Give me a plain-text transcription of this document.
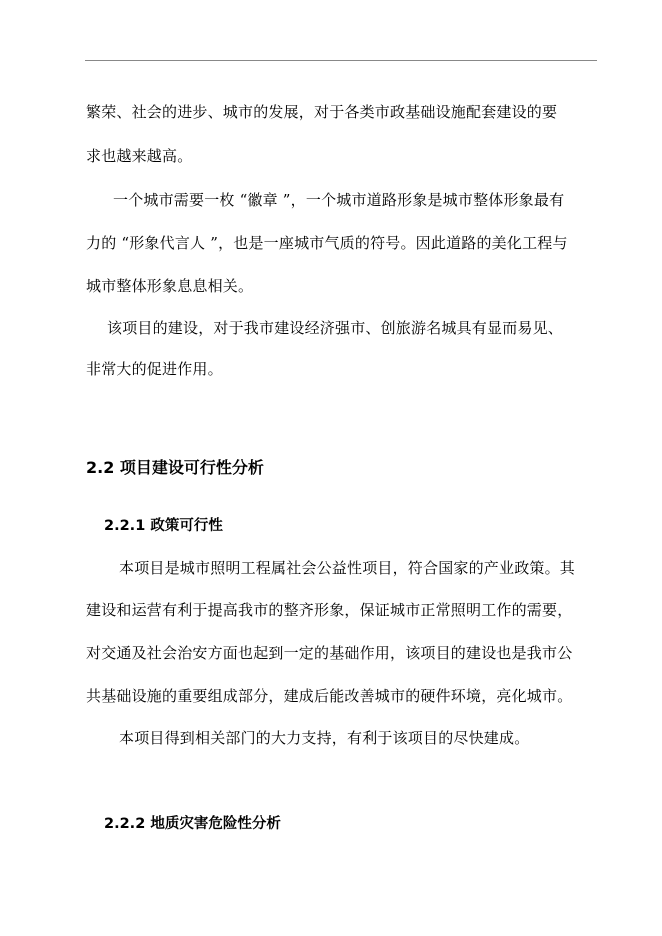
繁荣、社会的进步、城市的发展，对于各类市政基础设施配套建设的要
求也越来越高。
一个城市需要一枚 “徽章 ”，一个城市道路形象是城市整体形象最有
力的 “形象代言人 ”，也是一座城市气质的符号。因此道路的美化工程与
城市整体形象息息相关。
该项目的建设，对于我市建设经济强市、创旅游名城具有显而易见、
非常大的促进作用。
2.2 项目建设可行性分析
2.2.1 政策可行性
本项目是城市照明工程属社会公益性项目，符合国家的产业政策。其
建设和运营有利于提高我市的整齐形象，保证城市正常照明工作的需要，
对交通及社会治安方面也起到一定的基础作用，该项目的建设也是我市公
共基础设施的重要组成部分，建成后能改善城市的硬件环境，亮化城市。
本项目得到相关部门的大力支持，有利于该项目的尽快建成。
2.2.2 地质灾害危险性分析
